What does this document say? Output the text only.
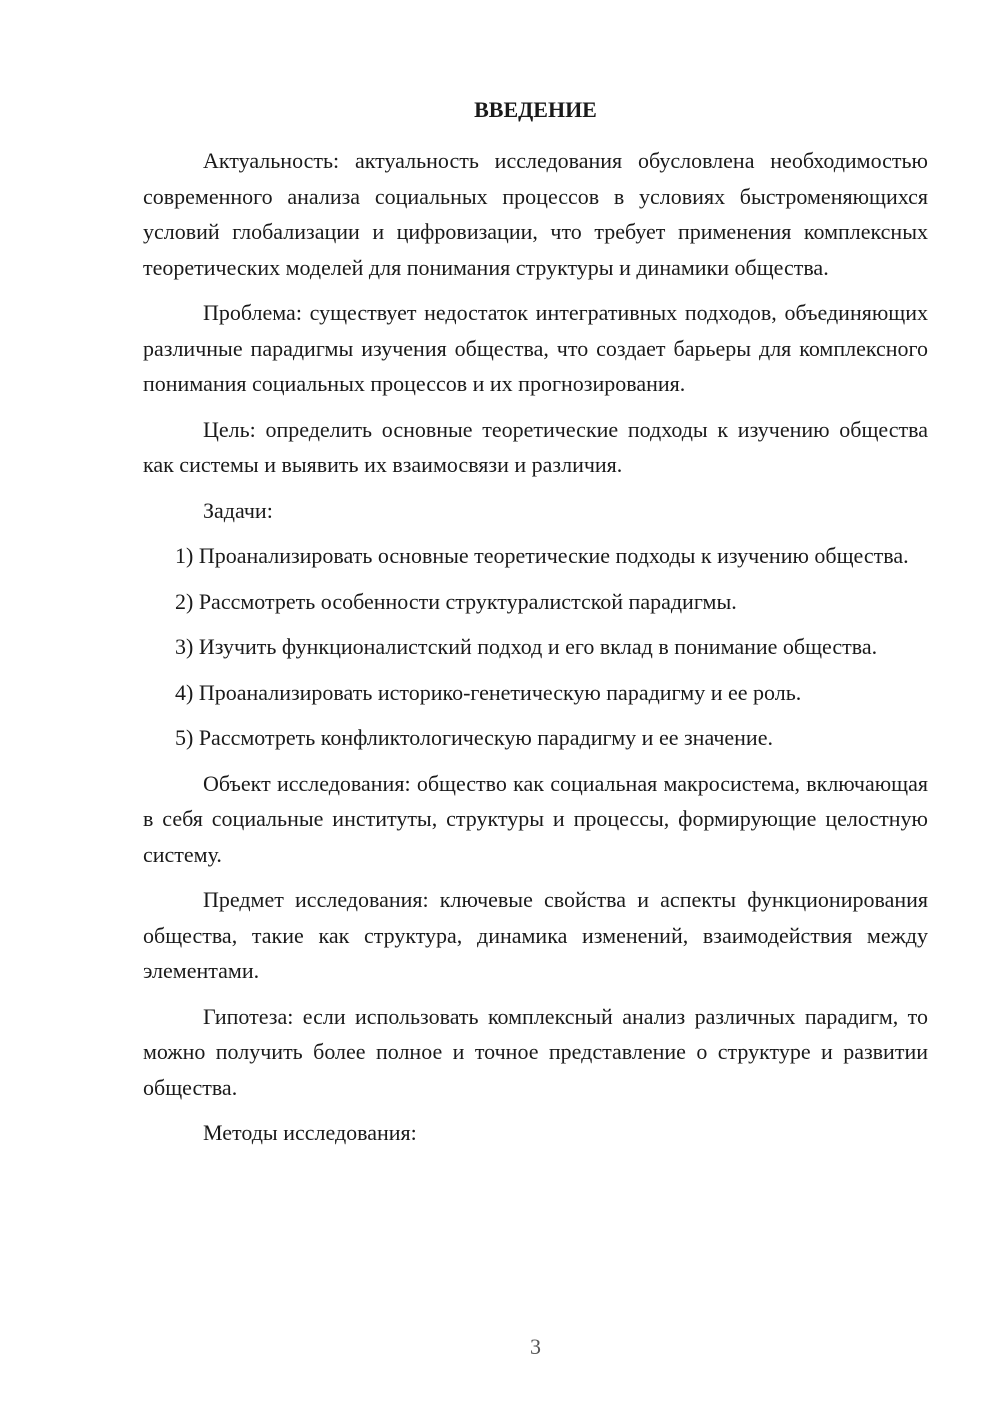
ВВЕДЕНИЕ

Актуальность: актуальность исследования обусловлена необходимостью современного анализа социальных процессов в условиях быстроменяющихся условий глобализации и цифровизации, что требует применения комплексных теоретических моделей для понимания структуры и динамики общества.

Проблема: существует недостаток интегративных подходов, объединяющих различные парадигмы изучения общества, что создает барьеры для комплексного понимания социальных процессов и их прогнозирования.

Цель: определить основные теоретические подходы к изучению общества как системы и выявить их взаимосвязи и различия.

Задачи:

1) Проанализировать основные теоретические подходы к изучению общества.

2) Рассмотреть особенности структуралистской парадигмы.

3) Изучить функционалистский подход и его вклад в понимание общества.

4) Проанализировать историко-генетическую парадигму и ее роль.

5) Рассмотреть конфликтологическую парадигму и ее значение.

Объект исследования: общество как социальная макросистема, включающая в себя социальные институты, структуры и процессы, формирующие целостную систему.

Предмет исследования: ключевые свойства и аспекты функционирования общества, такие как структура, динамика изменений, взаимодействия между элементами.

Гипотеза: если использовать комплексный анализ различных парадигм, то можно получить более полное и точное представление о структуре и развитии общества.

Методы исследования:

3
